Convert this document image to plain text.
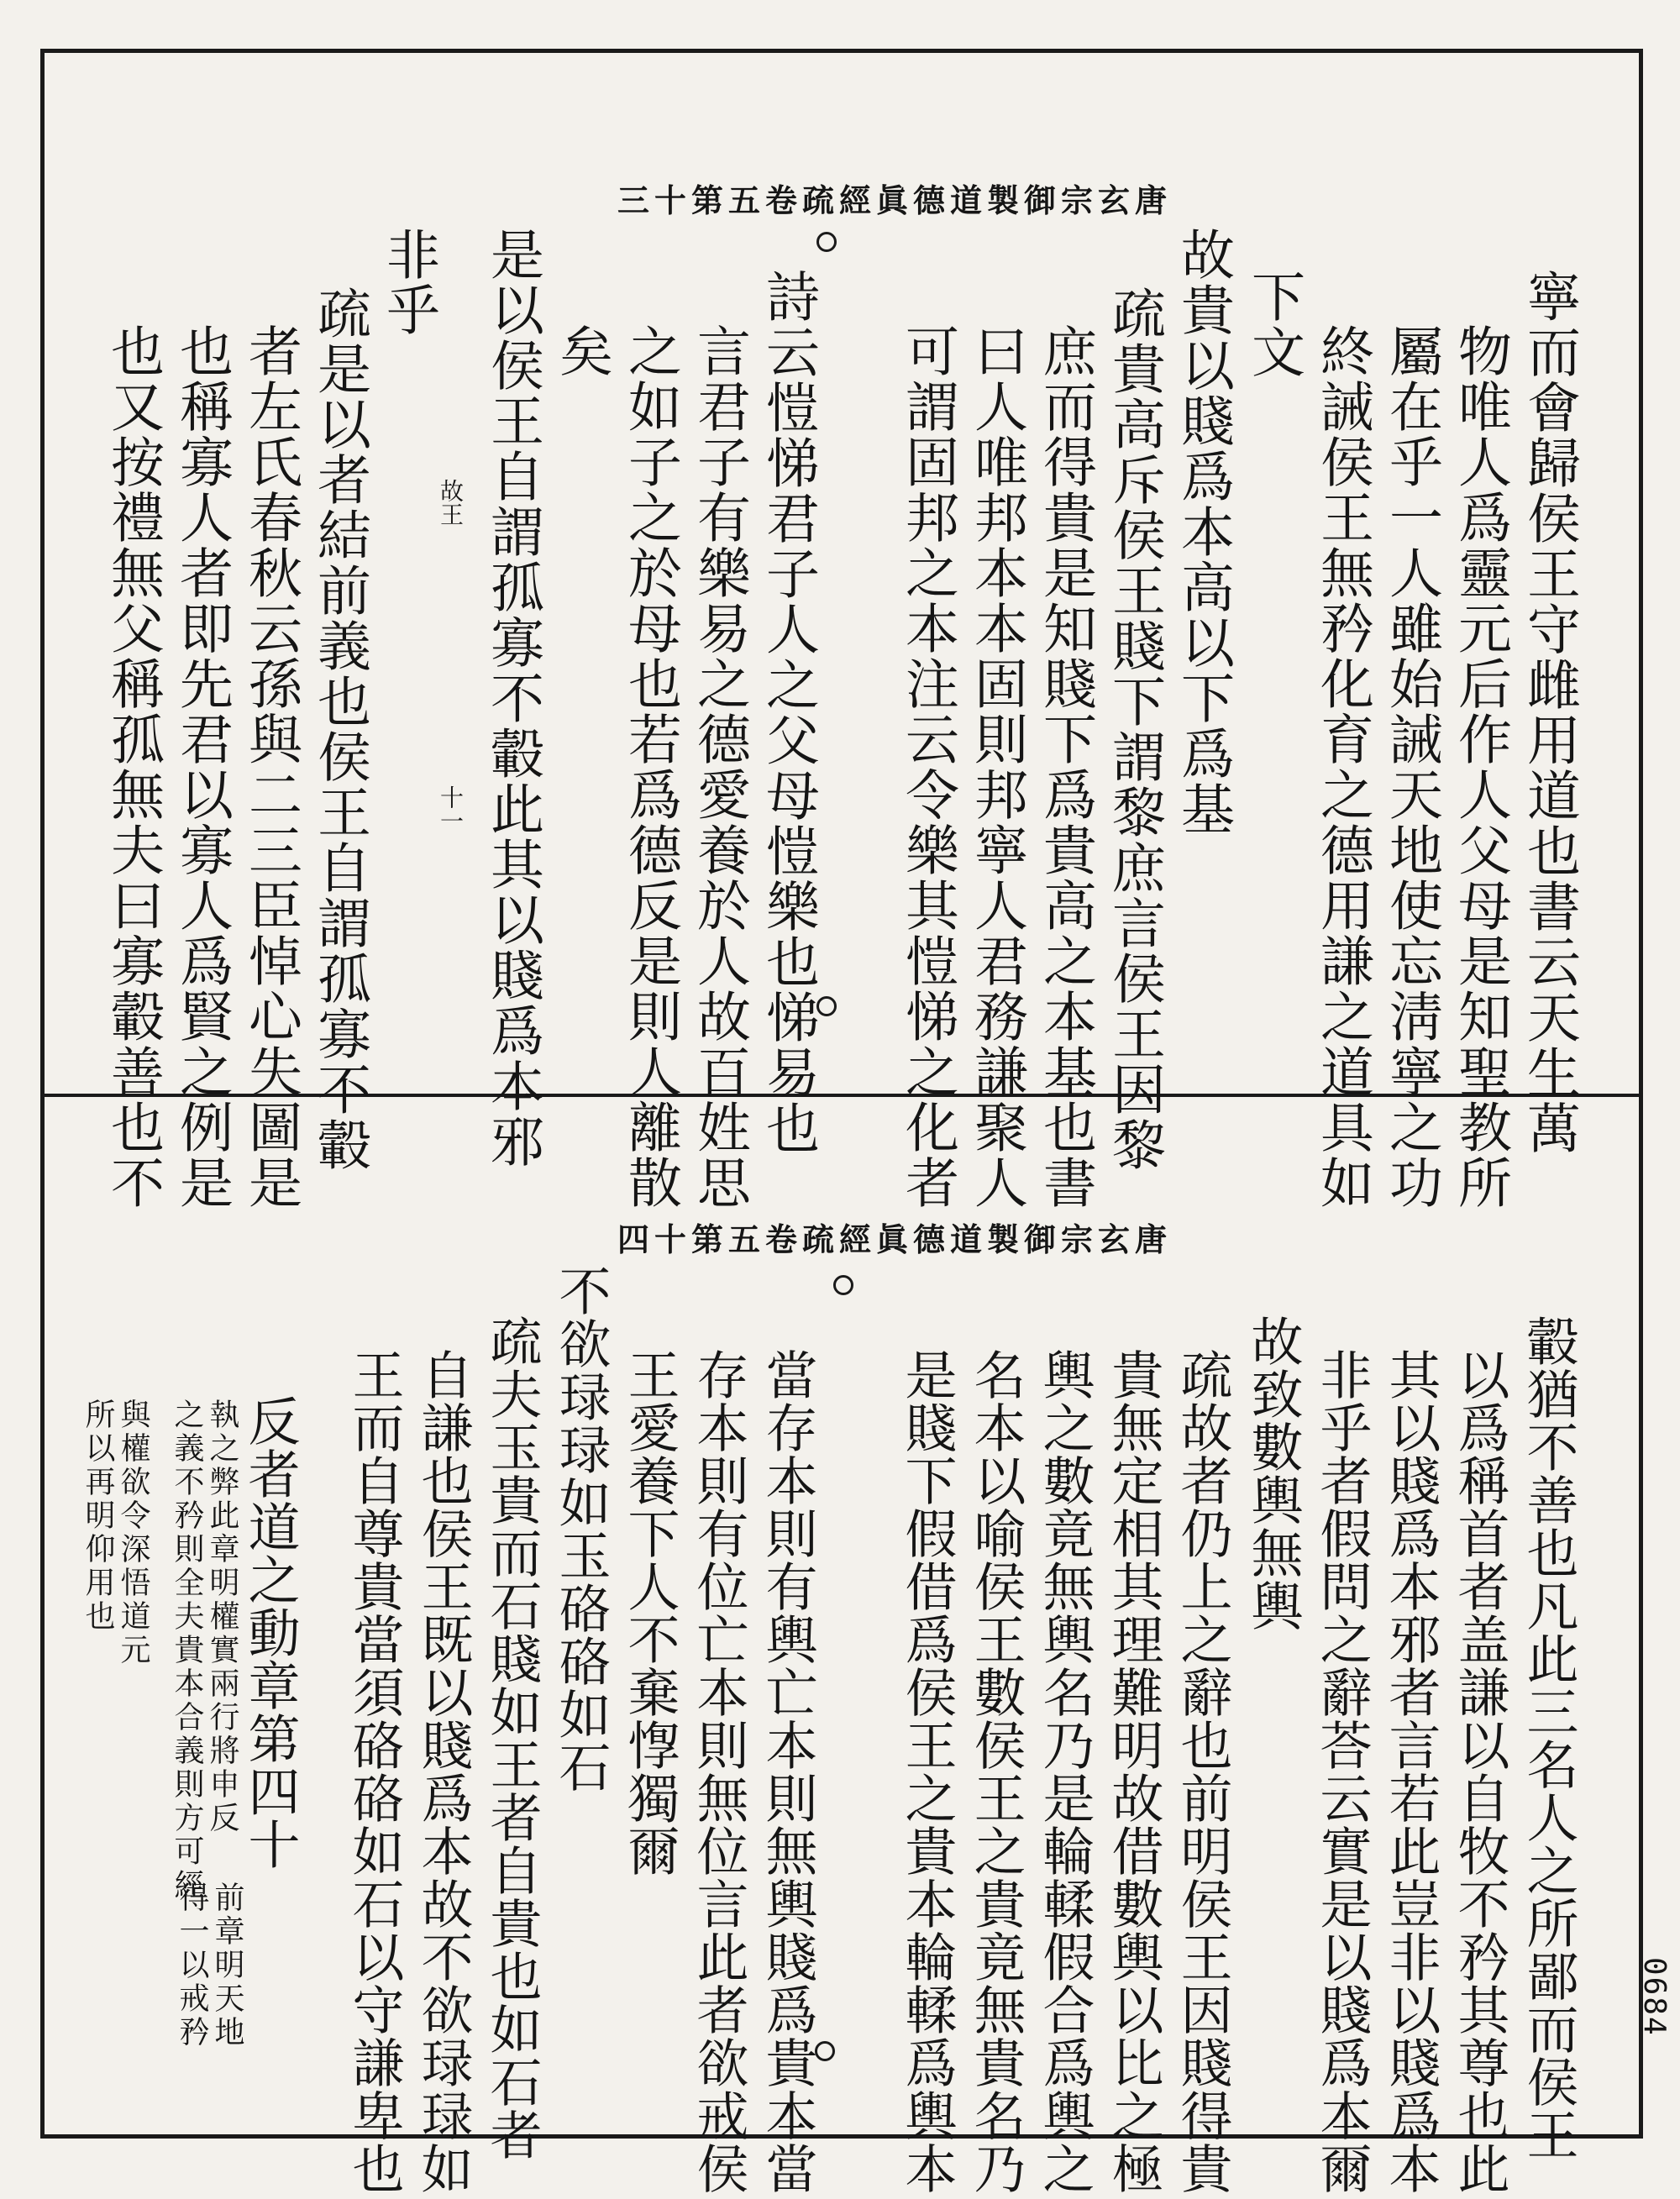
唐玄宗御製道德眞經疏卷五第十三
寧而會歸侯王守雌用道也書云天生萬
物唯人爲靈元后作人父母是知聖教所
屬在乎一人雖始誡天地使忘淸寧之功
終誡侯王無矜化育之德用謙之道具如
下文
故貴以賤爲本高以下爲基
疏貴高斥侯王賤下謂黎庶言侯王因黎
庶而得貴是知賤下爲貴高之本基也書
曰人唯邦本本固則邦寧人君務謙聚人
可謂固邦之本注云令樂其愷悌之化者
詩云愷悌君子人之父母愷樂也悌易也
言君子有樂易之德愛養於人故百姓思
之如子之於母也若爲德反是則人離散
矣
是以侯王自謂孤寡不轂此其以賤爲本邪
非乎
疏是以者結前義也侯王自謂孤寡不轂
者左氏春秋云孫與二三臣悼心失圖是
也稱寡人者即先君以寡人爲賢之例是
也又按禮無父稱孤無夫曰寡轂善也不	故王
十一
唐玄宗御製道德眞經疏卷五第十四
轂猶不善也凡此三名人之所鄙而侯王
以爲稱首者盖謙以自牧不矜其尊也此
其以賤爲本邪者言若此豈非以賤爲本
非乎者假問之辭荅云實是以賤爲本爾
故致數輿無輿
疏故者仍上之辭也前明侯王因賤得貴
貴無定相其理難明故借數輿以比之極
輿之數竟無輿名乃是輪輮假合爲輿之
名本以喻侯王數侯王之貴竟無貴名乃
是賤下假借爲侯王之貴本輪輮爲輿本
當存本則有輿亡本則無輿賤爲貴本當
存本則有位亡本則無位言此者欲戒侯
王愛養下人不棄惸獨爾
不欲琭琭如玉硌硌如石
疏夫玉貴而石賤如王者自貴也如石者
自謙也侯王既以賤爲本故不欲琭琭如
王而自尊貴當須硌硌如石以守謙卑也
反者道之動章第四十
前章明天地
得一以戒矜
執之弊此章明權實兩行將申反
之義不矜則全夫貴本合義則方可經
與權欲令深悟道元
所以再明仰用也
0684
